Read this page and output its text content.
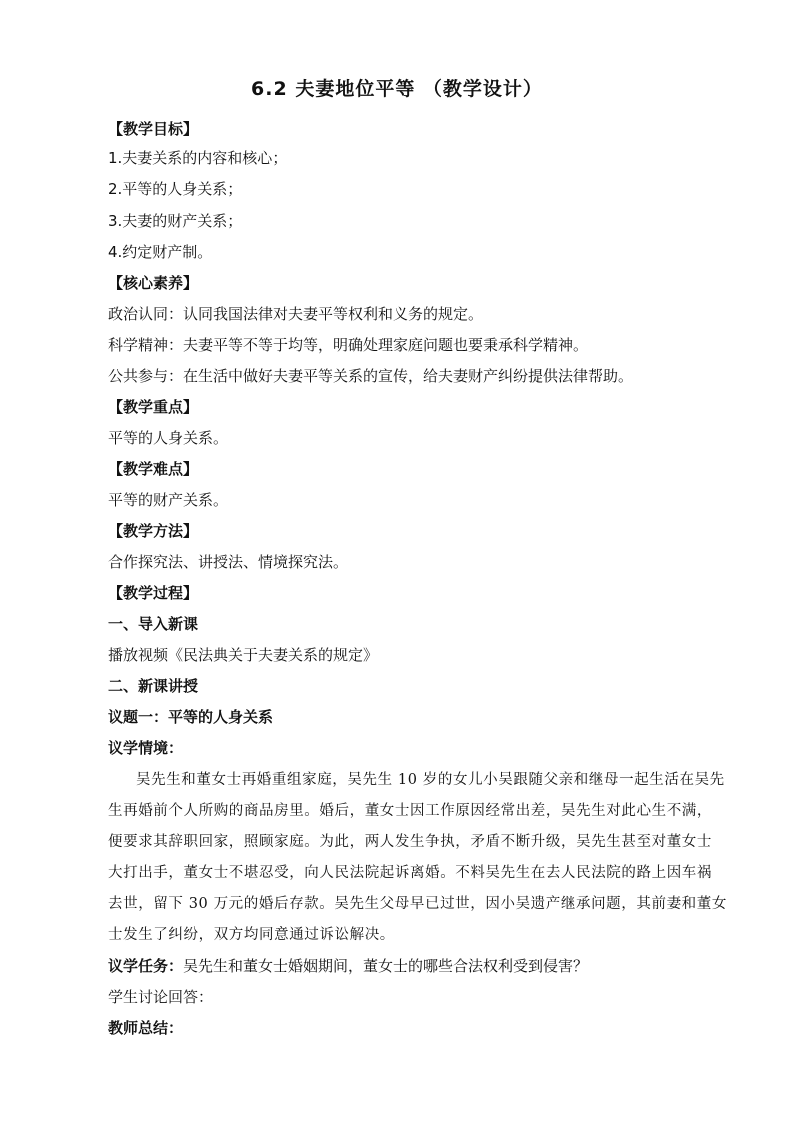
6.2 夫妻地位平等 （教学设计）
【教学目标】
1.夫妻关系的内容和核心；
2.平等的人身关系；
3.夫妻的财产关系；
4.约定财产制。
【核心素养】
政治认同：认同我国法律对夫妻平等权利和义务的规定。
科学精神：夫妻平等不等于均等，明确处理家庭问题也要秉承科学精神。
公共参与：在生活中做好夫妻平等关系的宣传，给夫妻财产纠纷提供法律帮助。
【教学重点】
平等的人身关系。
【教学难点】
平等的财产关系。
【教学方法】
合作探究法、讲授法、情境探究法。
【教学过程】
一、导入新课
播放视频《民法典关于夫妻关系的规定》
二、新课讲授
议题一：平等的人身关系
议学情境：
吴先生和董女士再婚重组家庭，吴先生 10 岁的女儿小吴跟随父亲和继母一起生活在吴先
生再婚前个人所购的商品房里。婚后，董女士因工作原因经常出差，吴先生对此心生不满，
便要求其辞职回家，照顾家庭。为此，两人发生争执，矛盾不断升级，吴先生甚至对董女士
大打出手，董女士不堪忍受，向人民法院起诉离婚。不料吴先生在去人民法院的路上因车祸
去世，留下 30 万元的婚后存款。吴先生父母早已过世，因小吴遗产继承问题，其前妻和董女
士发生了纠纷，双方均同意通过诉讼解决。
议学任务：吴先生和董女士婚姻期间，董女士的哪些合法权利受到侵害？
学生讨论回答：
教师总结：
